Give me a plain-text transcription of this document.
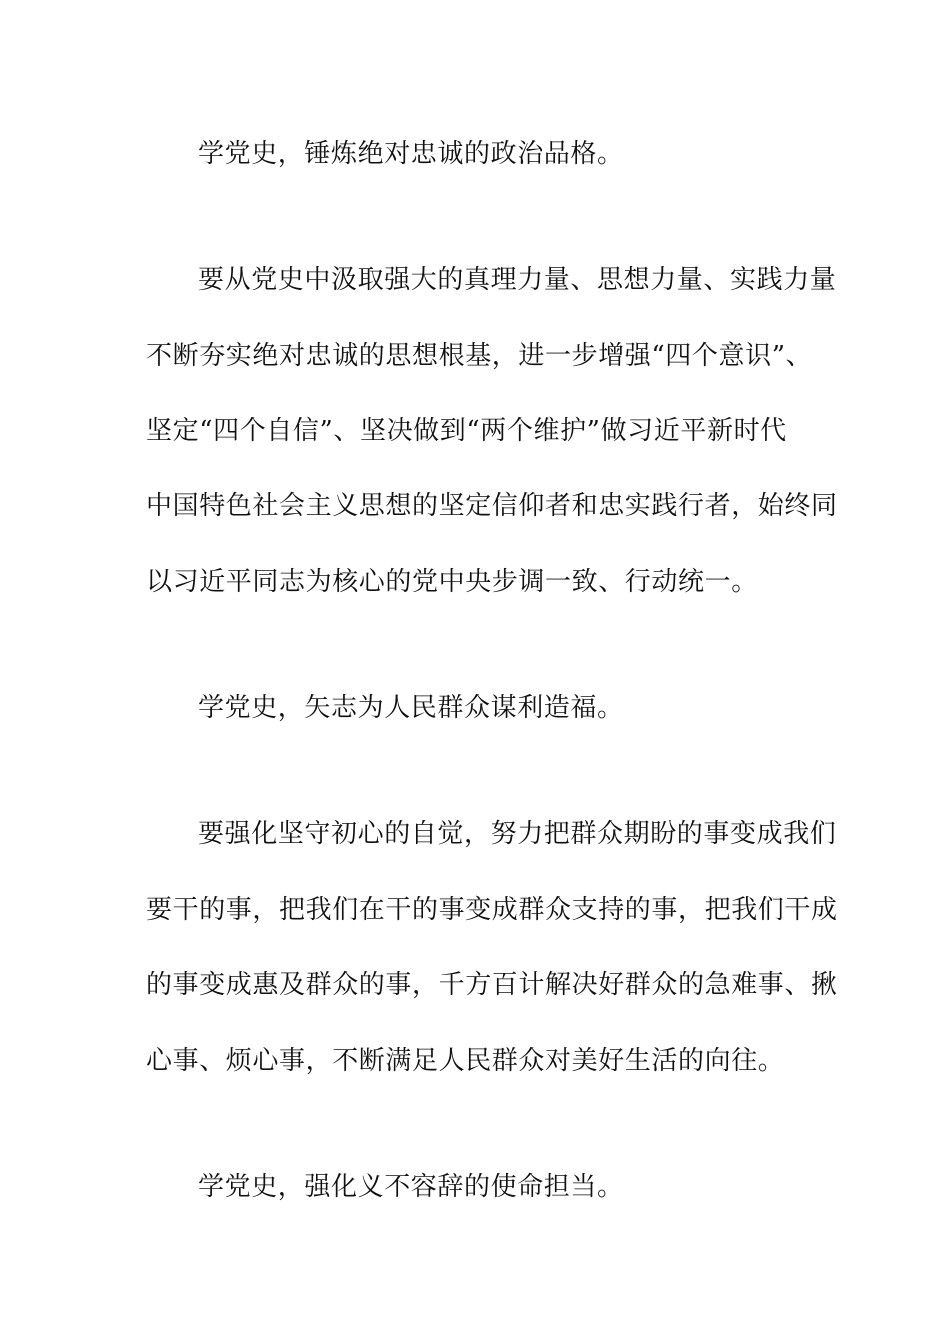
学党史，锤炼绝对忠诚的政治品格。
要从党史中汲取强大的真理力量、思想力量、实践力量
不断夯实绝对忠诚的思想根基，进一步增强“四个意识”、
坚定“四个自信”、坚决做到“两个维护”做习近平新时代
中国特色社会主义思想的坚定信仰者和忠实践行者，始终同
以习近平同志为核心的党中央步调一致、行动统一。
学党史，矢志为人民群众谋利造福。
要强化坚守初心的自觉，努力把群众期盼的事变成我们
要干的事，把我们在干的事变成群众支持的事，把我们干成
的事变成惠及群众的事，千方百计解决好群众的急难事、揪
心事、烦心事，不断满足人民群众对美好生活的向往。
学党史，强化义不容辞的使命担当。
